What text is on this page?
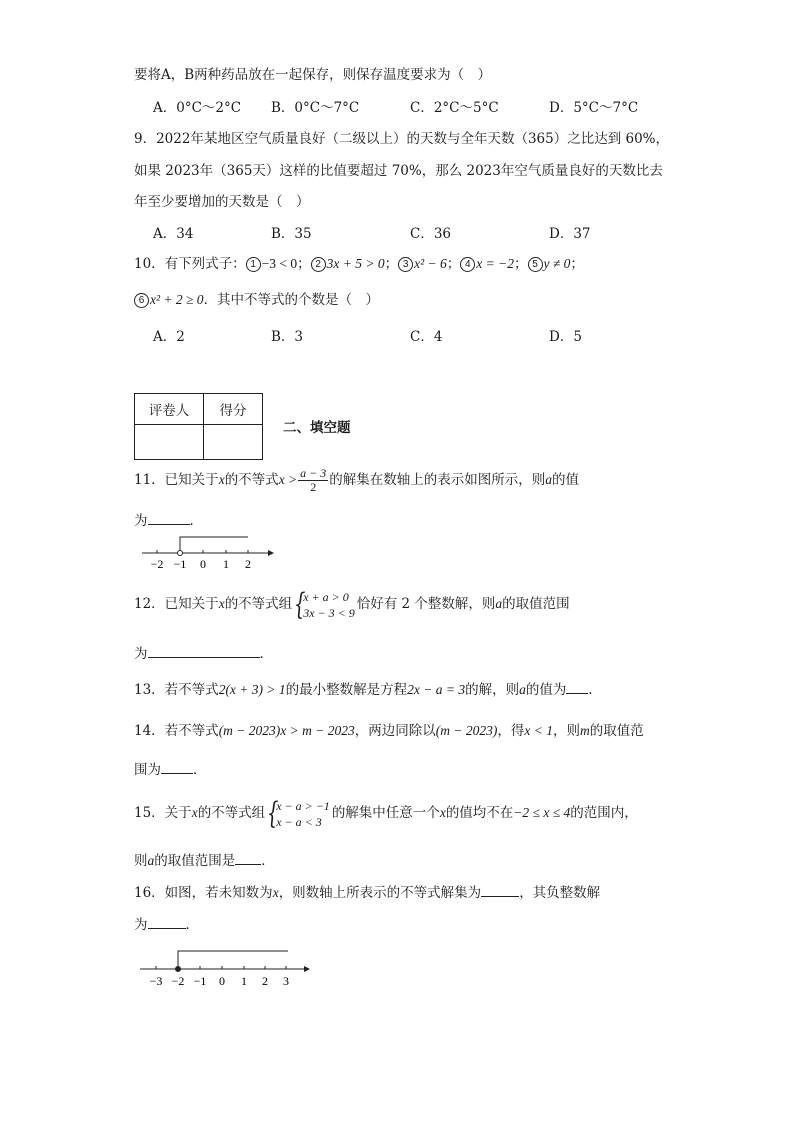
要将A，B两种药品放在一起保存，则保存温度要求为（　）
A．0°C～2°C B．0°C～7°C	C．2°C～5°C	D．5°C～7°C
9．2022年某地区空气质量良好（二级以上）的天数与全年天数（365）之比达到 60%，
如果 2023年（365天）这样的比值要超过 70%，那么 2023年空气质量良好的天数比去
年至少要增加的天数是（　）
A．34	B．35	C．36	D．37
10．有下列式子： 1 −3 < 0； 2 3x + 5 > 0； 3 x² − 6； 4 x = −2； 5 y ≠ 0；
6 x² + 2 ≥ 0．其中不等式的个数是（　）
A．2	B．3	C．4	D．5
评卷人	得分

二、填空题
11．已知关于x的不等式$x > \frac{a - 3}{2}$ 的解集在数轴上的表示如图所示，则a的值
为	．
−2 −1 0 1 2
12．已知关于x的不等式组 {
x + a > 0
3x − 3 < 9
恰好有 2 个整数解，则a的取值范围
为	．
13．若不等式2(x + 3) > 1的最小整数解是方程2x − a = 3的解，则a的值为 ．
14．若不等式(m − 2023)x > m − 2023，两边同除以(m − 2023)，得x < 1，则m的取值范
围为 ．
15．关于x的不等式组 {
x − a > −1
x − a < 3
的解集中任意一个x的值均不在−2 ≤ x ≤ 4的范围内，
则a的取值范围是 ．
16．如图，若未知数为x，则数轴上所表示的不等式解集为	，其负整数解
为	．
−3 −2 −1 0 1 2 3
